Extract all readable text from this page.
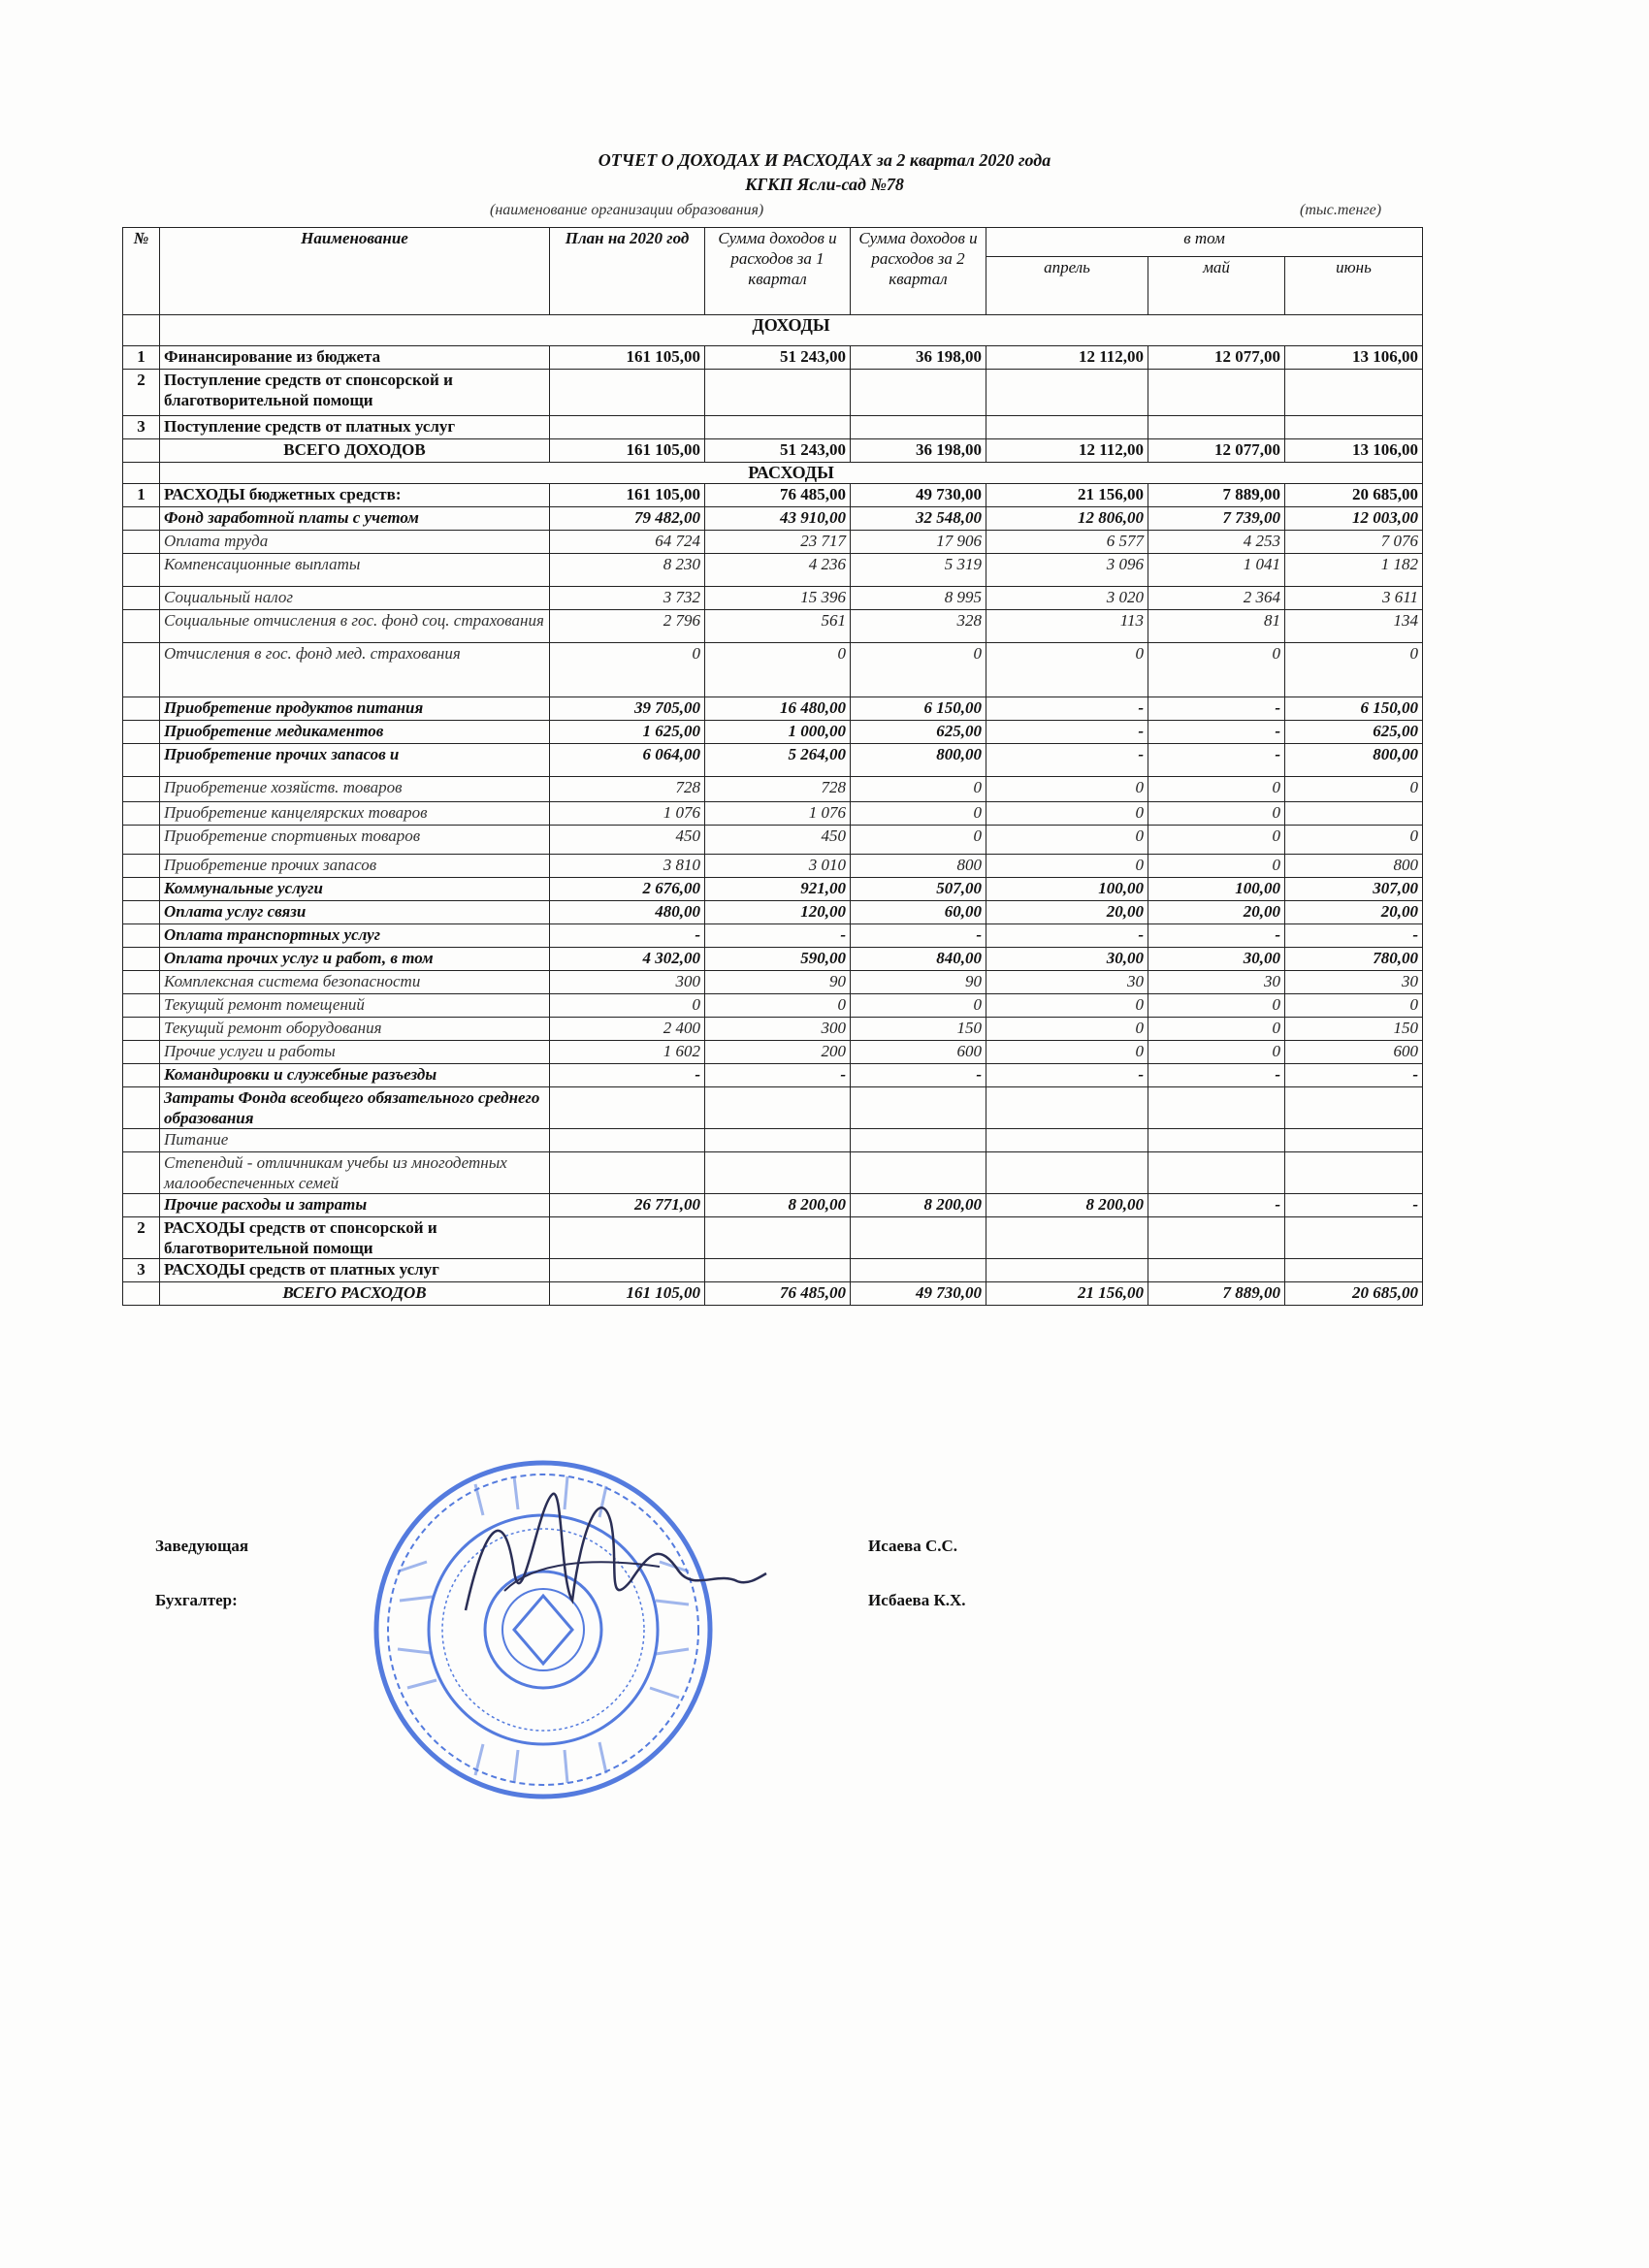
ОТЧЕТ О ДОХОДАХ И РАСХОДАХ за 2 квартал 2020 года
КГКП Ясли-сад №78
(наименование организации образования)	(тыс.тенге)
№	Наименование	План на 2020 год	Сумма доходов и расходов за 1 квартал	Сумма доходов и расходов за 2 квартал	в том		
					апрель	май	июнь
	ДОХОДЫ						
1	Финансирование из бюджета	161 105,00	51 243,00	36 198,00	12 112,00	12 077,00	13 106,00
2	Поступление средств от спонсорской и благотворительной помощи						
3	Поступление средств от платных услуг						
	ВСЕГО ДОХОДОВ	161 105,00	51 243,00	36 198,00	12 112,00	12 077,00	13 106,00
	РАСХОДЫ						
1	РАСХОДЫ бюджетных средств:	161 105,00	76 485,00	49 730,00	21 156,00	7 889,00	20 685,00
	Фонд заработной платы с учетом	79 482,00	43 910,00	32 548,00	12 806,00	7 739,00	12 003,00
	Оплата труда	64 724	23 717	17 906	6 577	4 253	7 076
	Компенсационные выплаты	8 230	4 236	5 319	3 096	1 041	1 182
	Социальный налог	3 732	15 396	8 995	3 020	2 364	3 611
	Социальные отчисления в гос. фонд соц. страхования	2 796	561	328	113	81	134
	Отчисления в гос. фонд мед. страхования	0	0	0	0	0	0
	Приобретение продуктов питания	39 705,00	16 480,00	6 150,00	-	-	6 150,00
	Приобретение медикаментов	1 625,00	1 000,00	625,00	-	-	625,00
	Приобретение прочих запасов и	6 064,00	5 264,00	800,00	-	-	800,00
	Приобретение хозяйств. товаров	728	728	0	0	0	0
	Приобретение канцелярских товаров	1 076	1 076	0	0	0	
	Приобретение спортивных товаров	450	450	0	0	0	0
	Приобретение прочих запасов	3 810	3 010	800	0	0	800
	Коммунальные услуги	2 676,00	921,00	507,00	100,00	100,00	307,00
	Оплата услуг связи	480,00	120,00	60,00	20,00	20,00	20,00
	Оплата транспортных услуг	-	-	-	-	-	-
	Оплата прочих услуг и работ, в том	4 302,00	590,00	840,00	30,00	30,00	780,00
	Комплексная система безопасности	300	90	90	30	30	30
	Текущий ремонт помещений	0	0	0	0	0	0
	Текущий ремонт оборудования	2 400	300	150	0	0	150
	Прочие услуги и работы	1 602	200	600	0	0	600
	Командировки и служебные разъезды	-	-	-	-	-	-
	Затраты Фонда всеобщего обязательного среднего образования						
	Питание						
	Степендий - отличникам учебы из многодетных малообеспеченных семей						
	Прочие расходы и затраты	26 771,00	8 200,00	8 200,00	8 200,00	-	-
2	РАСХОДЫ средств от спонсорской и благотворительной помощи						
3	РАСХОДЫ средств от платных услуг						
	ВСЕГО РАСХОДОВ	161 105,00	76 485,00	49 730,00	21 156,00	7 889,00	20 685,00
Заведующая	Исаева С.С.
Бухгалтер:	Исбаева К.Х.
